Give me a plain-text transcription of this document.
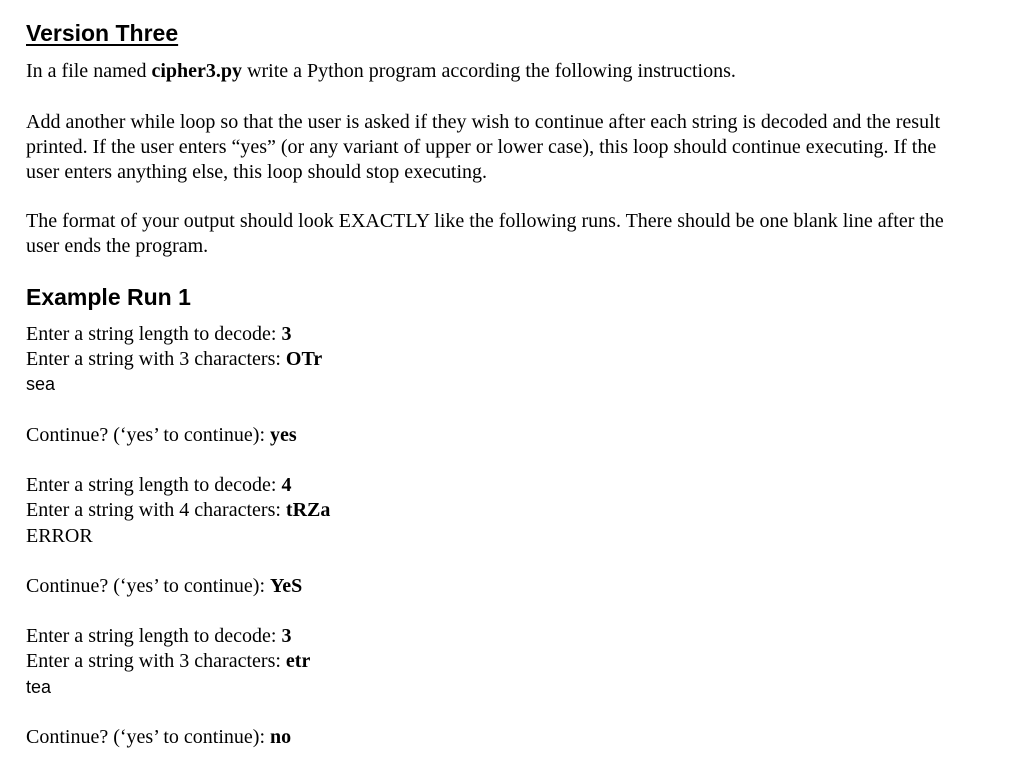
Version Three

In a file named cipher3.py write a Python program according the following instructions.

Add another while loop so that the user is asked if they wish to continue after each string is decoded and the result printed. If the user enters “yes” (or any variant of upper or lower case), this loop should continue executing. If the user enters anything else, this loop should stop executing.

The format of your output should look EXACTLY like the following runs. There should be one blank line after the user ends the program.

Example Run 1
Enter a string length to decode: 3
Enter a string with 3 characters: OTr
sea
Continue? (‘yes’ to continue): yes
Enter a string length to decode: 4
Enter a string with 4 characters: tRZa
ERROR
Continue? (‘yes’ to continue): YeS
Enter a string length to decode: 3
Enter a string with 3 characters: etr
tea
Continue? (‘yes’ to continue): no
